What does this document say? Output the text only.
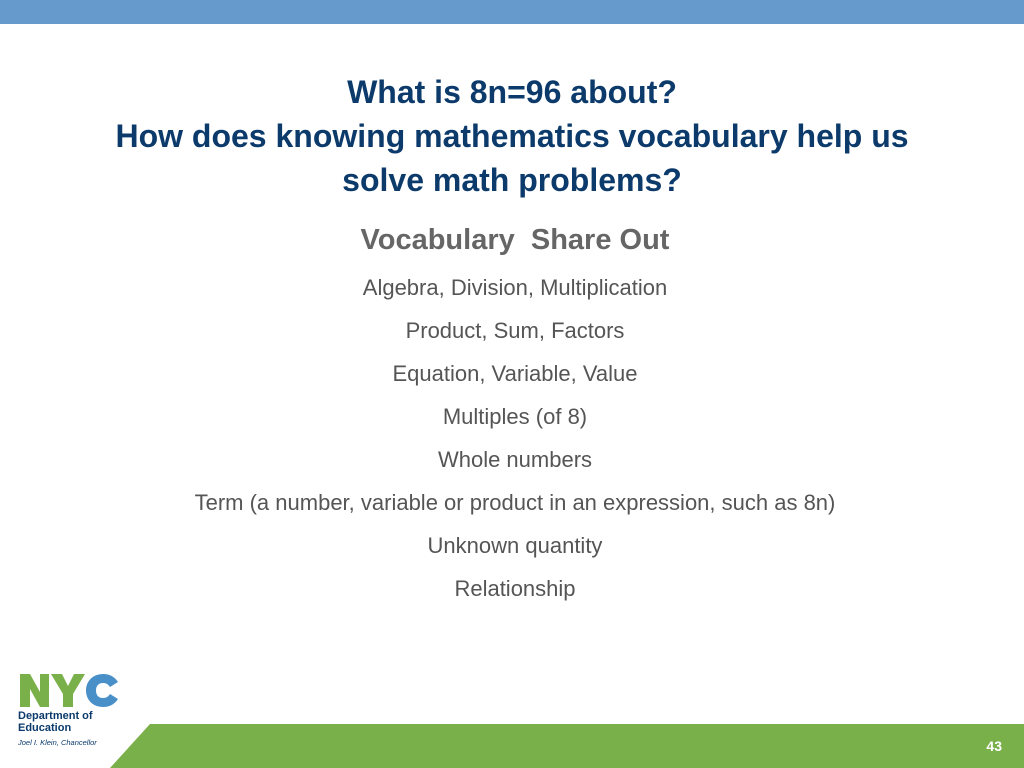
What is 8n=96 about?
How does knowing mathematics vocabulary help us
solve math problems?
Vocabulary  Share Out
Algebra, Division, Multiplication
Product, Sum, Factors
Equation, Variable, Value
Multiples (of 8)
Whole numbers
Term (a number, variable or product in an expression, such as 8n)
Unknown quantity
Relationship
43
Department of
Education
Joel I. Klein, Chancellor
